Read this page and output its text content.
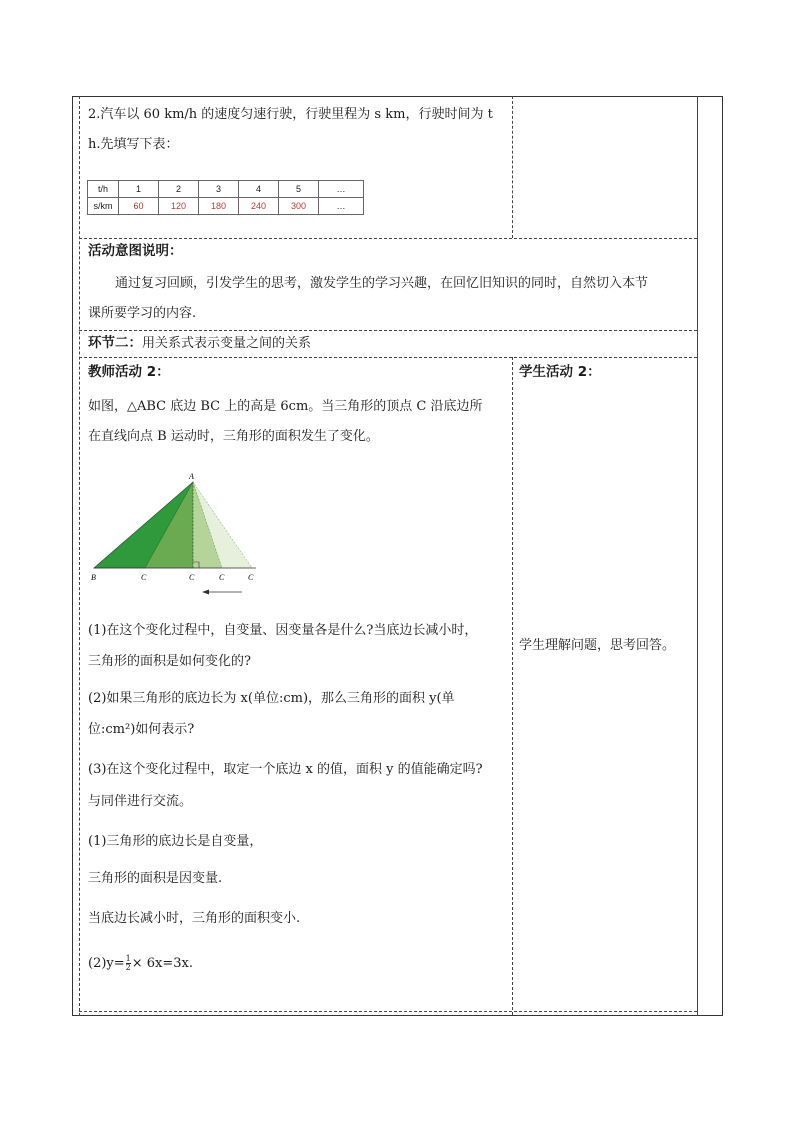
2.汽车以 60 km/h 的速度匀速行驶，行驶里程为 s km，行驶时间为 t
h.先填写下表：
t/h	1	2	3	4	5	…
s/km	60	120	180	240	300	…
活动意图说明：
通过复习回顾，引发学生的思考，激发学生的学习兴趣，在回忆旧知识的同时，自然切入本节
课所要学习的内容.
环节二：用关系式表示变量之间的关系
教师活动 2：
如图，△ABC 底边 BC 上的高是 6cm。当三角形的顶点 C 沿底边所
在直线向点 B 运动时，三角形的面积发生了变化。
A
B	C	C	C	C
(1)在这个变化过程中，自变量、因变量各是什么?当底边长减小时，
三角形的面积是如何变化的?
(2)如果三角形的底边长为 x(单位:cm)，那么三角形的面积 y(单
位:cm²)如何表示?
(3)在这个变化过程中，取定一个底边 x 的值，面积 y 的值能确定吗?
与同伴进行交流。
(1)三角形的底边长是自变量，
三角形的面积是因变量.
当底边长减小时，三角形的面积变小.
$(2)y= \frac{1}{2} \times 6x=3x$.
学生活动 2：
学生理解问题，思考回答。
